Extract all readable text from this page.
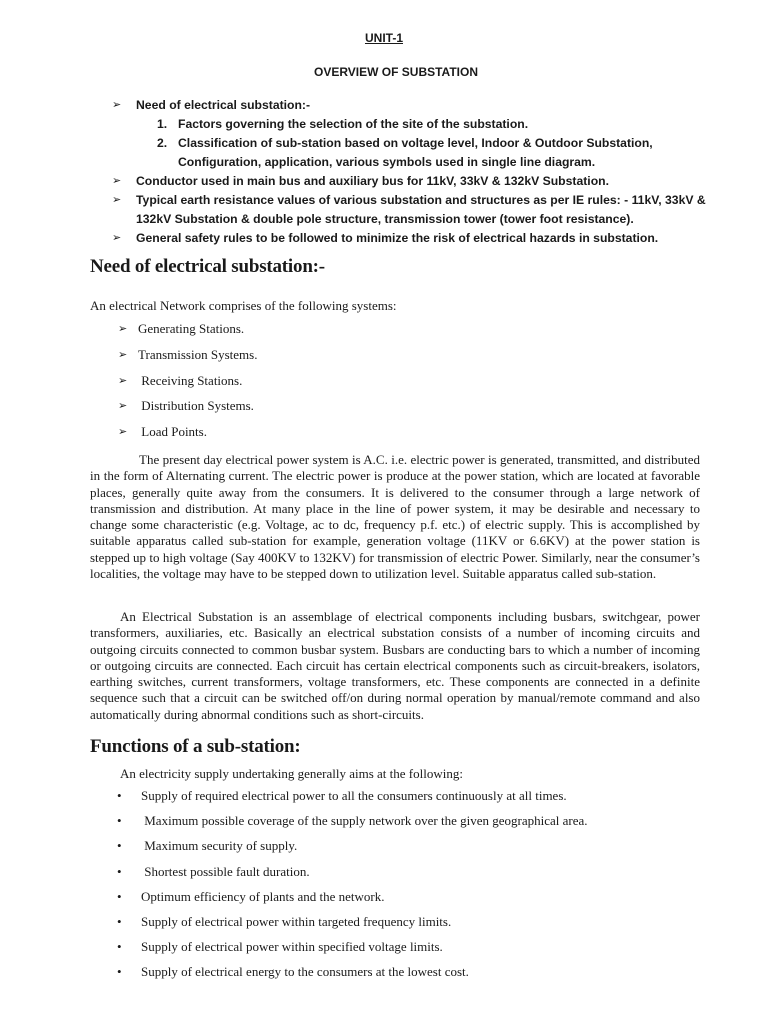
UNIT-1
OVERVIEW OF SUBSTATION
➢ Need of electrical substation:-
1. Factors governing the selection of the site of the substation.
2. Classification of sub-station based on voltage level, Indoor & Outdoor Substation,
Configuration, application, various symbols used in single line diagram.
➢ Conductor used in main bus and auxiliary bus for 11kV, 33kV & 132kV Substation.
➢ Typical earth resistance values of various substation and structures as per IE rules: - 11kV, 33kV &
132kV Substation & double pole structure, transmission tower (tower foot resistance).
➢ General safety rules to be followed to minimize the risk of electrical hazards in substation.
Need of electrical substation:-
An electrical Network comprises of the following systems:
➢ Generating Stations.
➢ Transmission Systems.
➢ Receiving Stations.
➢ Distribution Systems.
➢ Load Points.
The present day electrical power system is A.C. i.e. electric power is generated, transmitted, and distributed in the form of Alternating current. The electric power is produce at the power station, which are located at favorable places, generally quite away from the consumers. It is delivered to the consumer through a large network of transmission and distribution. At many place in the line of power system, it may be desirable and necessary to change some characteristic (e.g. Voltage, ac to dc, frequency p.f. etc.) of electric supply. This is accomplished by suitable apparatus called sub-station for example, generation voltage (11KV or 6.6KV) at the power station is stepped up to high voltage (Say 400KV to 132KV) for transmission of electric Power. Similarly, near the consumer’s localities, the voltage may have to be stepped down to utilization level. Suitable apparatus called sub-station.
An Electrical Substation is an assemblage of electrical components including busbars, switchgear, power transformers, auxiliaries, etc. Basically an electrical substation consists of a number of incoming circuits and outgoing circuits connected to common busbar system. Busbars are conducting bars to which a number of incoming or outgoing circuits are connected. Each circuit has certain electrical components such as circuit-breakers, isolators, earthing switches, current transformers, voltage transformers, etc. These components are connected in a definite sequence such that a circuit can be switched off/on during normal operation by manual/remote command and also automatically during abnormal conditions such as short-circuits.
Functions of a sub-station:
An electricity supply undertaking generally aims at the following:
• Supply of required electrical power to all the consumers continuously at all times.
• Maximum possible coverage of the supply network over the given geographical area.
• Maximum security of supply.
• Shortest possible fault duration.
• Optimum efficiency of plants and the network.
• Supply of electrical power within targeted frequency limits.
• Supply of electrical power within specified voltage limits.
• Supply of electrical energy to the consumers at the lowest cost.
